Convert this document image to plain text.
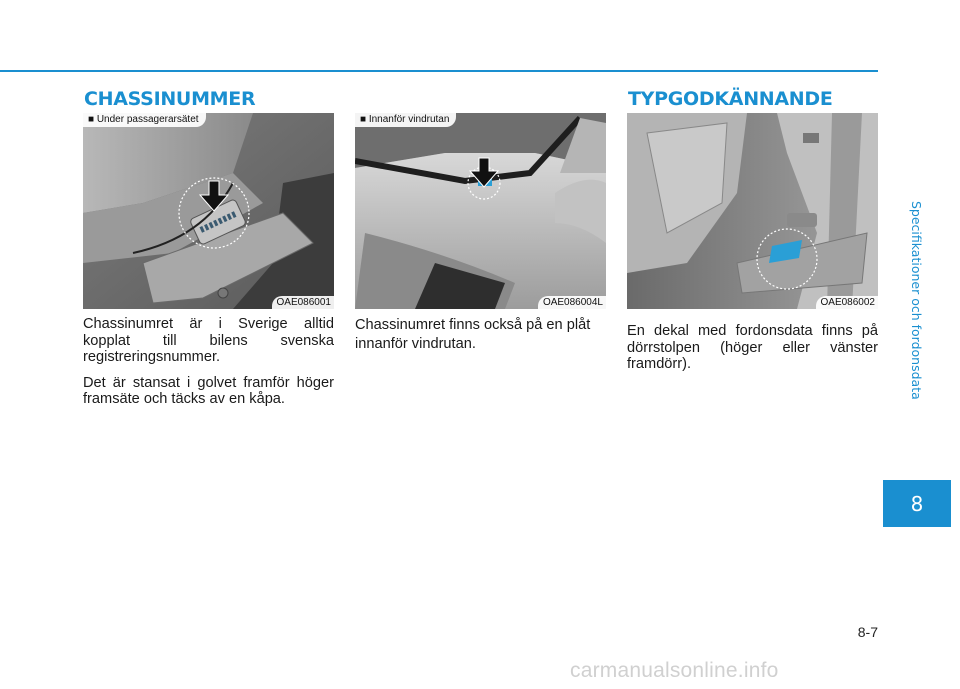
CHASSINUMMER	TYPGODKÄNNANDE
■ Under passagerarsätet
OAE086001
■ Innanför vindrutan
OAE086004L	OAE086002

Chassinumret är i Sverige alltid kopplat till bilens svenska registreringsnummer.

Det är stansat i golvet framför höger framsäte och täcks av en kåpa.

Chassinumret finns också på en plåt innanför vindrutan.

En dekal med fordonsdata finns på dörrstolpen (höger eller vänster framdörr).	Specifikationer och fordonsdata
8
8-7
carmanualsonline.info
